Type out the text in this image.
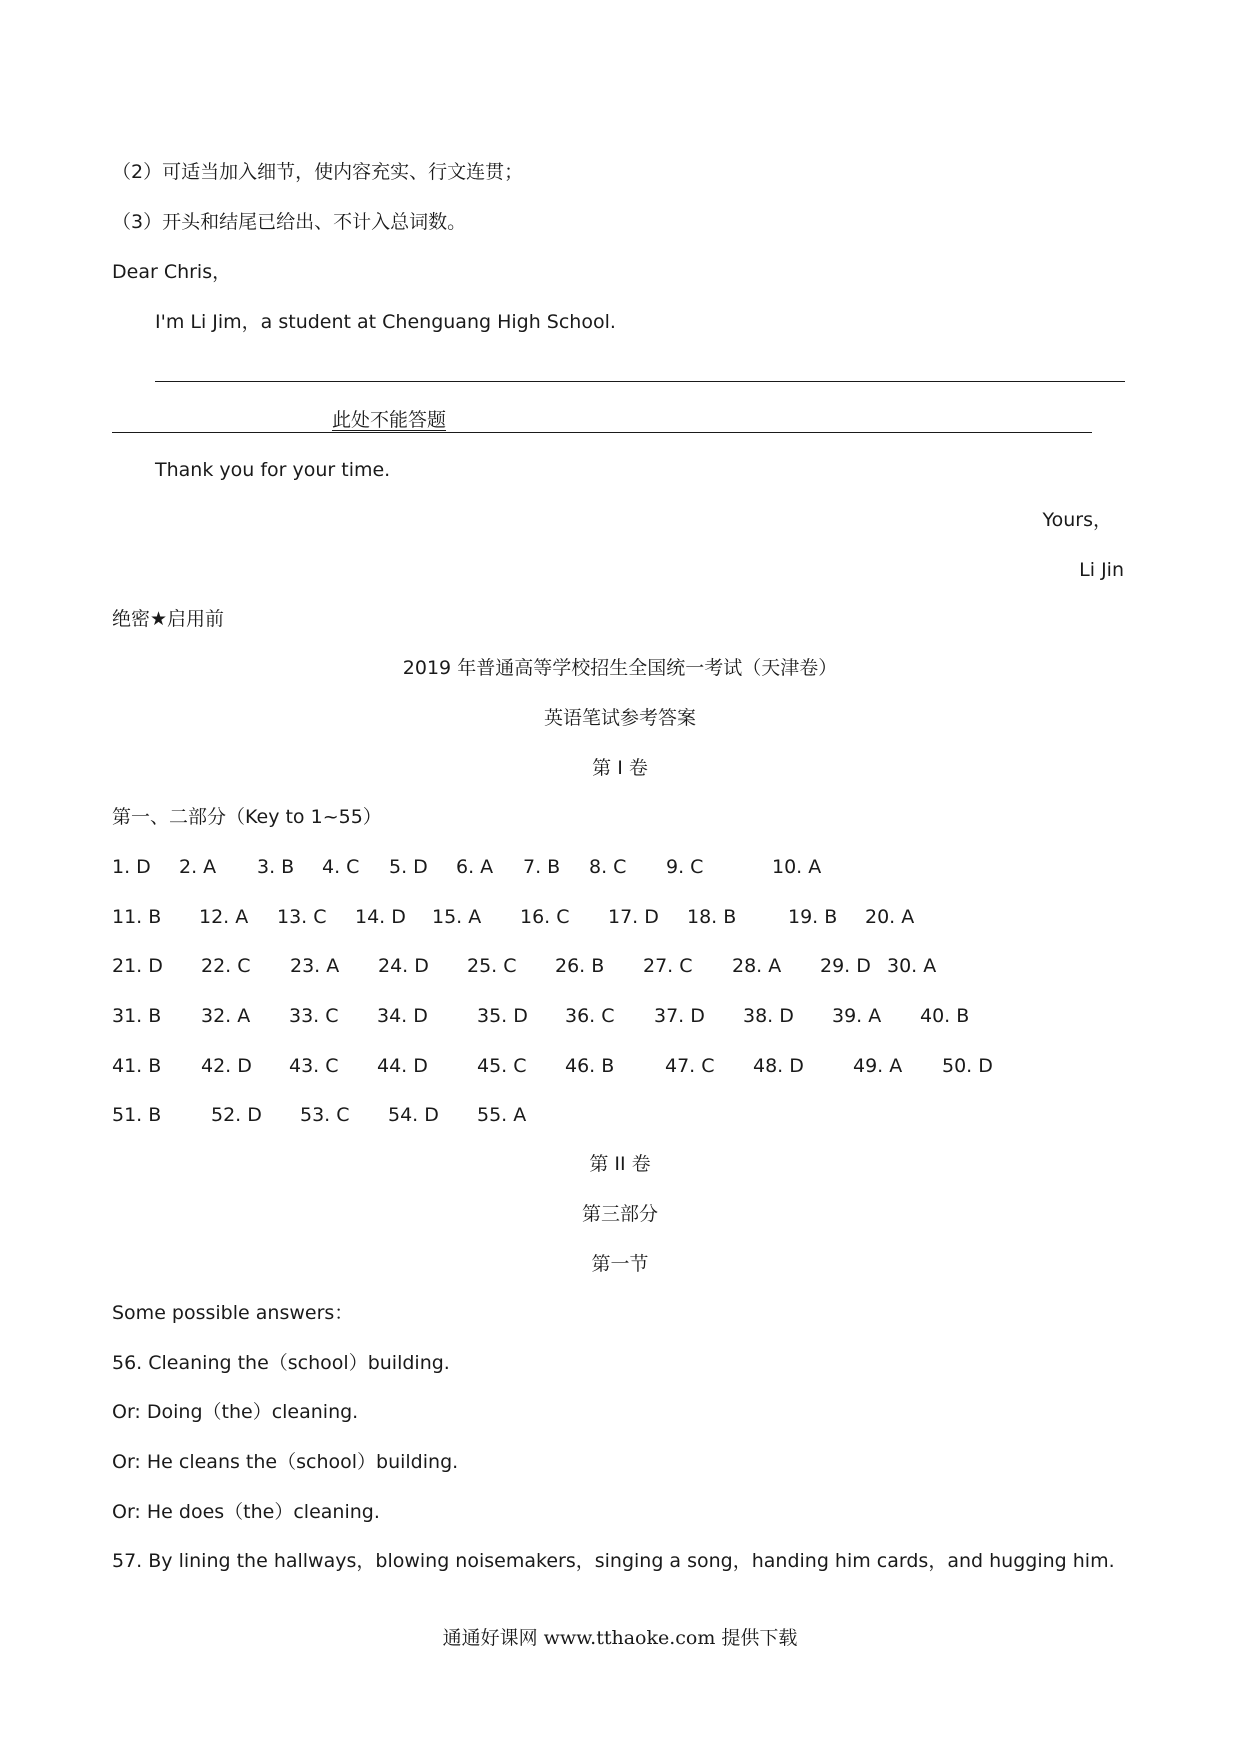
（2）可适当加入细节，使内容充实、行文连贯；
（3）开头和结尾已给出、不计入总词数。
Dear Chris，
I'm Li Jim，a student at Chenguang High School.
此处不能答题
Thank you for your time.
Yours，
Li Jin
绝密★启用前
2019 年普通高等学校招生全国统一考试（天津卷）
英语笔试参考答案
第 I 卷
第一、二部分（Key to 1~55）
1. D 2. A 3. B 4. C 5. D 6. A 7. B 8. C 9. C	10. A
11. B 12. A 13. C 14. D 15. A 16. C 17. D 18. B	19. B 20. A
21. D 22. C 23. A 24. D 25. C 26. B 27. C 28. A 29. D 30. A
31. B 32. A 33. C 34. D	35. D 36. C 37. D 38. D 39. A 40. B
41. B 42. D 43. C 44. D	45. C 46. B	47. C 48. D	49. A 50. D
51. B	52. D 53. C 54. D 55. A
第 II 卷
第三部分
第一节
Some possible answers：
56. Cleaning the（school）building.
Or: Doing（the）cleaning.
Or: He cleans the（school）building.
Or: He does（the）cleaning.
57. By lining the hallways，blowing noisemakers，singing a song，handing him cards，and hugging him.
通通好课网 www.tthaoke.com 提供下载
